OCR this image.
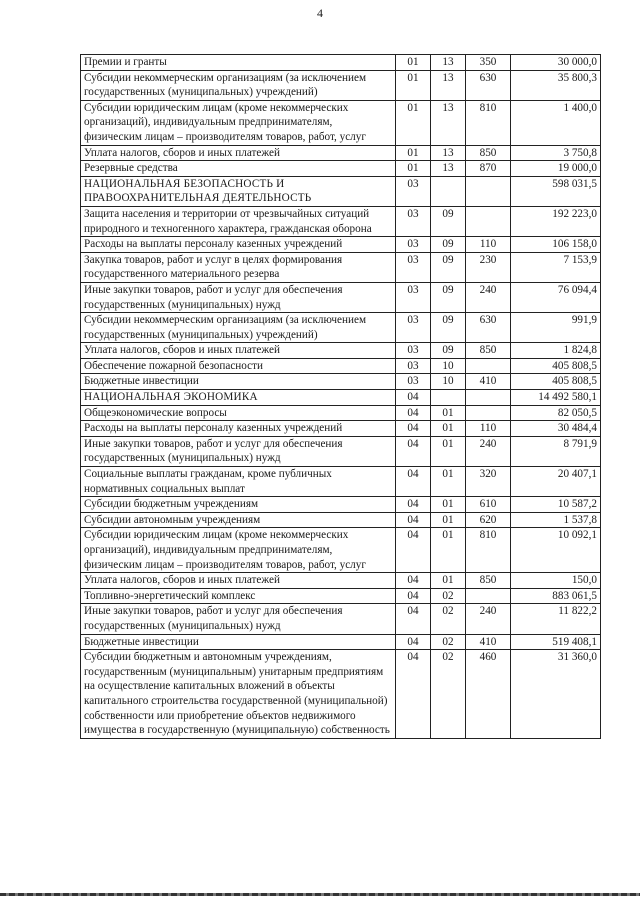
4
Премии и гранты	01	13	350	30 000,0
Субсидии некоммерческим организациям (за исключением государственных (муниципальных) учреждений)	01	13	630	35 800,3
Субсидии юридическим лицам (кроме некоммерческих организаций), индивидуальным предпринимателям, физическим лицам – производителям товаров, работ, услуг	01	13	810	1 400,0
Уплата налогов, сборов и иных платежей	01	13	850	3 750,8
Резервные средства	01	13	870	19 000,0
НАЦИОНАЛЬНАЯ БЕЗОПАСНОСТЬ И ПРАВООХРАНИТЕЛЬНАЯ ДЕЯТЕЛЬНОСТЬ	03			598 031,5
Защита населения и территории от чрезвычайных ситуаций природного и техногенного характера, гражданская оборона	03	09		192 223,0
Расходы на выплаты персоналу казенных учреждений	03	09	110	106 158,0
Закупка товаров, работ и услуг в целях формирования государственного материального резерва	03	09	230	7 153,9
Иные закупки товаров, работ и услуг для обеспечения государственных (муниципальных) нужд	03	09	240	76 094,4
Субсидии некоммерческим организациям (за исключением государственных (муниципальных) учреждений)	03	09	630	991,9
Уплата налогов, сборов и иных платежей	03	09	850	1 824,8
Обеспечение пожарной безопасности	03	10		405 808,5
Бюджетные инвестиции	03	10	410	405 808,5
НАЦИОНАЛЬНАЯ ЭКОНОМИКА	04			14 492 580,1
Общеэкономические вопросы	04	01		82 050,5
Расходы на выплаты персоналу казенных учреждений	04	01	110	30 484,4
Иные закупки товаров, работ и услуг для обеспечения государственных (муниципальных) нужд	04	01	240	8 791,9
Социальные выплаты гражданам, кроме публичных нормативных социальных выплат	04	01	320	20 407,1
Субсидии бюджетным учреждениям	04	01	610	10 587,2
Субсидии автономным учреждениям	04	01	620	1 537,8
Субсидии юридическим лицам (кроме некоммерческих организаций), индивидуальным предпринимателям, физическим лицам – производителям товаров, работ, услуг	04	01	810	10 092,1
Уплата налогов, сборов и иных платежей	04	01	850	150,0
Топливно-энергетический комплекс	04	02		883 061,5
Иные закупки товаров, работ и услуг для обеспечения государственных (муниципальных) нужд	04	02	240	11 822,2
Бюджетные инвестиции	04	02	410	519 408,1
Субсидии бюджетным и автономным учреждениям, государственным (муниципальным) унитарным предприятиям на осуществление капитальных вложений в объекты капитального строительства государственной (муниципальной) собственности или приобретение объектов недвижимого имущества в государственную (муниципальную) собственность	04	02	460	31 360,0
